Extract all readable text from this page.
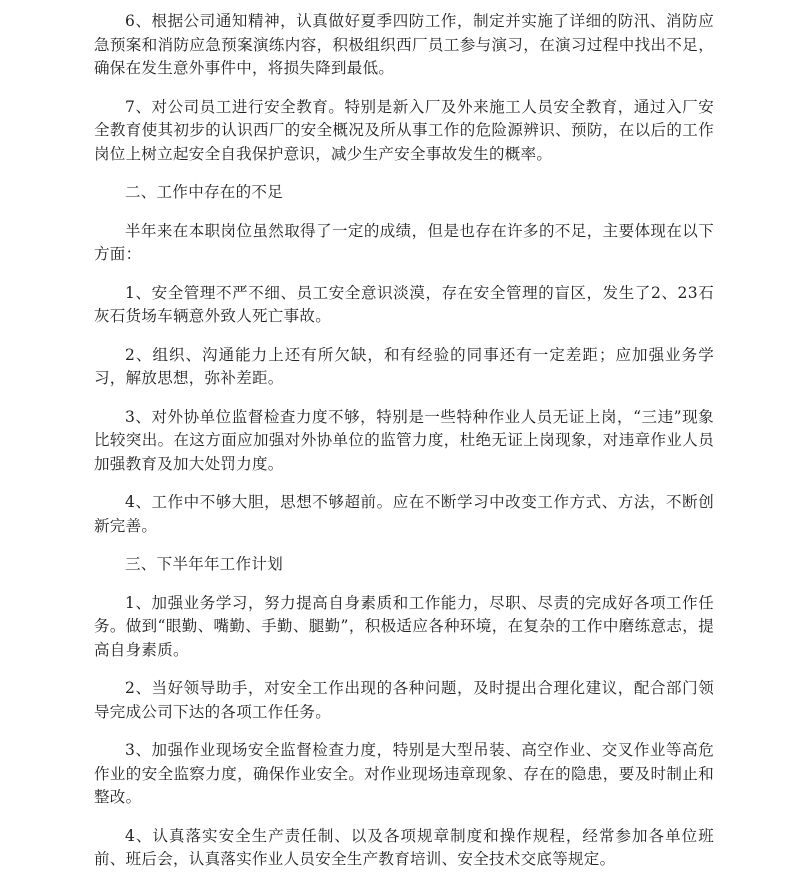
6、根据公司通知精神，认真做好夏季四防工作，制定并实施了详细的防汛、消防应急预案和消防应急预案演练内容，积极组织西厂员工参与演习，在演习过程中找出不足，确保在发生意外事件中，将损失降到最低。

7、对公司员工进行安全教育。特别是新入厂及外来施工人员安全教育，通过入厂安全教育使其初步的认识西厂的安全概况及所从事工作的危险源辨识、预防，在以后的工作岗位上树立起安全自我保护意识，减少生产安全事故发生的概率。

二、工作中存在的不足

半年来在本职岗位虽然取得了一定的成绩，但是也存在许多的不足，主要体现在以下方面：

1、安全管理不严不细、员工安全意识淡漠，存在安全管理的盲区，发生了2、23石灰石货场车辆意外致人死亡事故。

2、组织、沟通能力上还有所欠缺，和有经验的同事还有一定差距；应加强业务学习，解放思想，弥补差距。

3、对外协单位监督检查力度不够，特别是一些特种作业人员无证上岗，“三违”现象比较突出。在这方面应加强对外协单位的监管力度，杜绝无证上岗现象，对违章作业人员加强教育及加大处罚力度。

4、工作中不够大胆，思想不够超前。应在不断学习中改变工作方式、方法，不断创新完善。

三、下半年年工作计划

1、加强业务学习，努力提高自身素质和工作能力，尽职、尽责的完成好各项工作任务。做到“眼勤、嘴勤、手勤、腿勤”，积极适应各种环境，在复杂的工作中磨练意志，提高自身素质。

2、当好领导助手，对安全工作出现的各种问题，及时提出合理化建议，配合部门领导完成公司下达的各项工作任务。

3、加强作业现场安全监督检查力度，特别是大型吊装、高空作业、交叉作业等高危作业的安全监察力度，确保作业安全。对作业现场违章现象、存在的隐患，要及时制止和整改。

4、认真落实安全生产责任制、以及各项规章制度和操作规程，经常参加各单位班前、班后会，认真落实作业人员安全生产教育培训、安全技术交底等规定。
